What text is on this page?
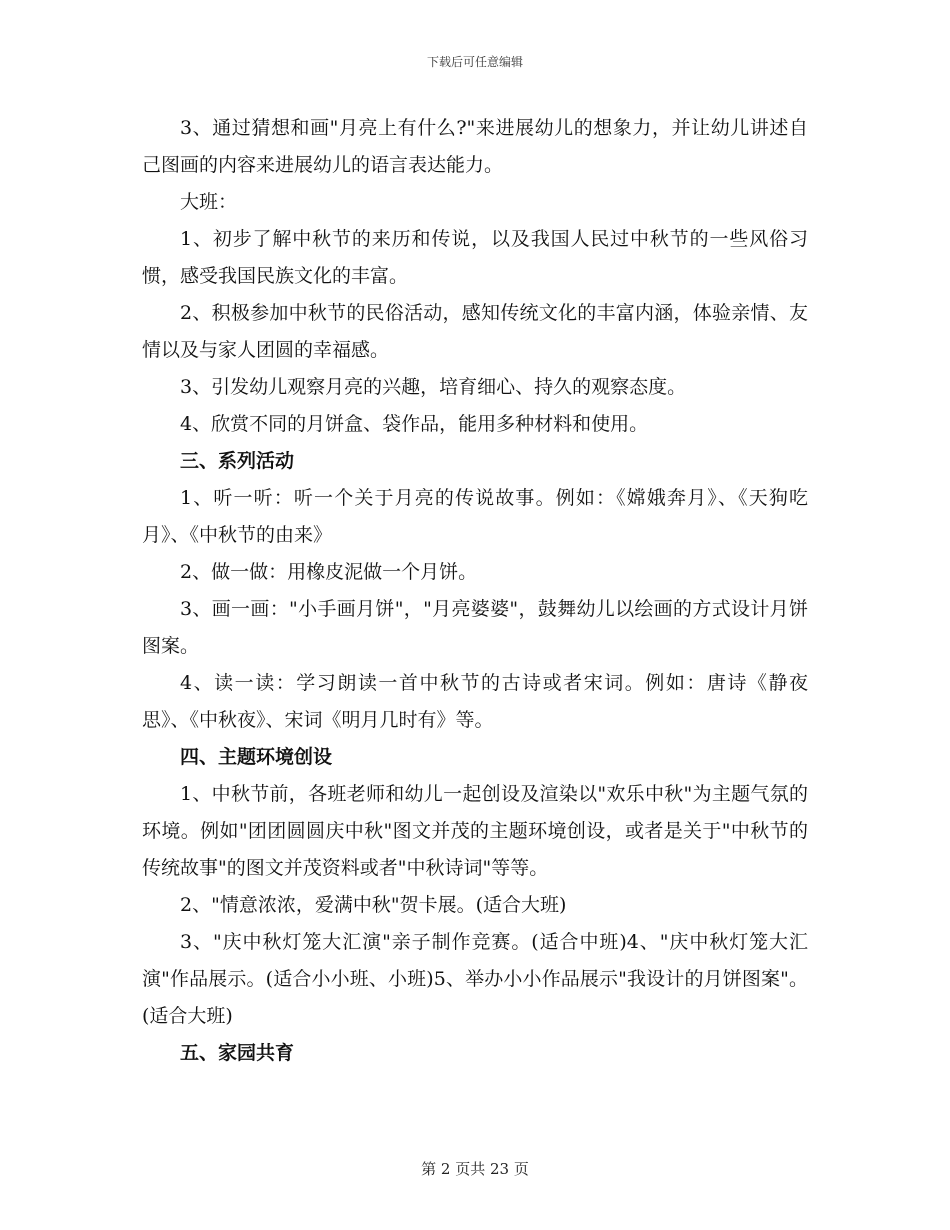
下载后可任意编辑

3、通过猜想和画"月亮上有什么?"来进展幼儿的想象力，并让幼儿讲述自己图画的内容来进展幼儿的语言表达能力。

大班：

1、初步了解中秋节的来历和传说，以及我国人民过中秋节的一些风俗习惯，感受我国民族文化的丰富。

2、积极参加中秋节的民俗活动，感知传统文化的丰富内涵，体验亲情、友情以及与家人团圆的幸福感。

3、引发幼儿观察月亮的兴趣，培育细心、持久的观察态度。

4、欣赏不同的月饼盒、袋作品，能用多种材料和使用。

三、系列活动

1、听一听：听一个关于月亮的传说故事。例如：《嫦娥奔月》、《天狗吃月》、《中秋节的由来》

2、做一做：用橡皮泥做一个月饼。

3、画一画："小手画月饼"，"月亮婆婆"，鼓舞幼儿以绘画的方式设计月饼图案。

4、读一读：学习朗读一首中秋节的古诗或者宋词。例如：唐诗《静夜思》、《中秋夜》、宋词《明月几时有》等。

四、主题环境创设

1、中秋节前，各班老师和幼儿一起创设及渲染以"欢乐中秋"为主题气氛的环境。例如"团团圆圆庆中秋"图文并茂的主题环境创设，或者是关于"中秋节的传统故事"的图文并茂资料或者"中秋诗词"等等。

2、"情意浓浓，爱满中秋"贺卡展。(适合大班)

3、"庆中秋灯笼大汇演"亲子制作竞赛。(适合中班)4、"庆中秋灯笼大汇演"作品展示。(适合小小班、小班)5、举办小小作品展示"我设计的月饼图案"。(适合大班)

五、家园共育

第 2 页共 23 页
